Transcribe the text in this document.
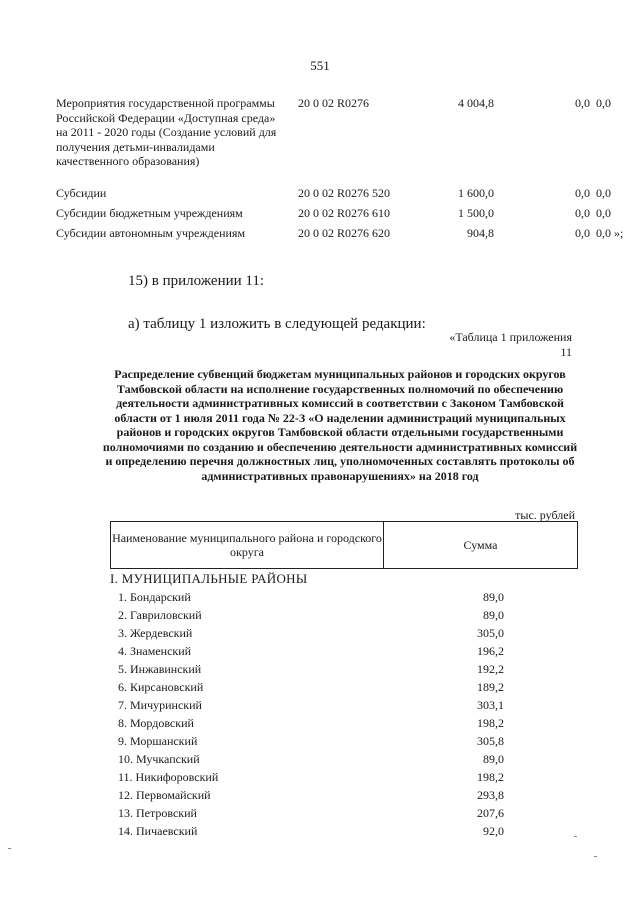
551
Мероприятия государственной программы Российской Федерации «Доступная среда» на 2011 - 2020 годы (Создание условий для получения детьми-инвалидами качественного образования)
20 0 02 R0276	4 004,8	0,0 0,0
Субсидии	20 0 02 R0276 520	1 600,0	0,0 0,0
Субсидии бюджетным учреждениям	20 0 02 R0276 610	1 500,0	0,0 0,0
Субсидии автономным учреждениям	20 0 02 R0276 620	904,8	0,0 0,0 »;
15) в приложении 11:
а) таблицу 1 изложить в следующей редакции:
«Таблица 1 приложения 11
Распределение субвенций бюджетам муниципальных районов и городских округов Тамбовской области на исполнение государственных полномочий по обеспечению деятельности административных комиссий в соответствии с Законом Тамбовской области от 1 июля 2011 года № 22-З «О наделении администраций муниципальных районов и городских округов Тамбовской области отдельными государственными полномочиями по созданию и обеспечению деятельности административных комиссий и определению перечня должностных лиц, уполномоченных составлять протоколы об административных правонарушениях» на 2018 год
тыс. рублей
Наименование муниципального района и городского округа
Сумма
I. МУНИЦИПАЛЬНЫЕ РАЙОНЫ
1. Бондарский	89,0
2. Гавриловский	89,0
3. Жердевский	305,0
4. Знаменский	196,2
5. Инжавинский	192,2
6. Кирсановский	189,2
7. Мичуринский	303,1
8. Мордовский	198,2
9. Моршанский	305,8
10. Мучкапский	89,0
11. Никифоровский	198,2
12. Первомайский	293,8
13. Петровский	207,6
14. Пичаевский	92,0
